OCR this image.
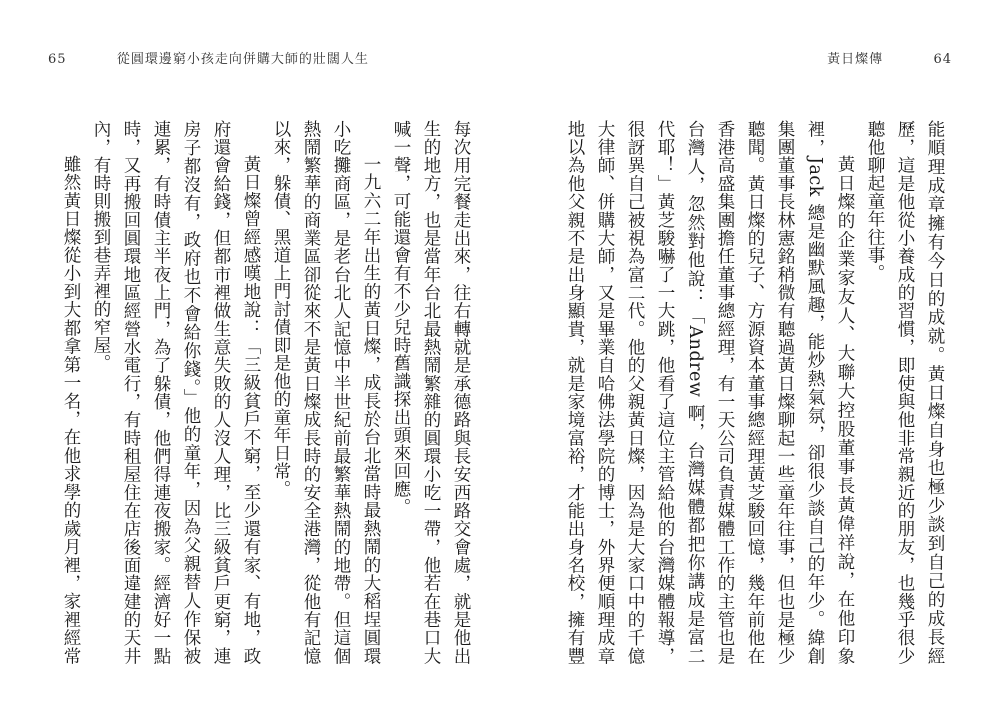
65	從圓環邊窮小孩走向併購大師的壯闊人生

每次用完餐走出來，往右轉就是承德路與長安西路交會處，就是他出生的地方，也是當年台北最熱鬧繁雜的圓環小吃一帶，他若在巷口大喊一聲，可能還會有不少兒時舊識探出頭來回應。

一九六二年出生的黃日燦，成長於台北當時最熱鬧的大稻埕圓環小吃攤商區，是老台北人記憶中半世紀前最繁華熱鬧的地帶。但這個熱鬧繁華的商業區卻從來不是黃日燦成長時的安全港灣，從他有記憶以來，躲債、黑道上門討債即是他的童年日常。

黃日燦曾經感嘆地說：「三級貧戶不窮，至少還有家、有地，政府還會給錢，但都市裡做生意失敗的人沒人理，比三級貧戶更窮，連房子都沒有，政府也不會給你錢。」他的童年，因為父親替人作保被連累，有時債主半夜上門，為了躲債，他們得連夜搬家。經濟好一點時，又再搬回圓環地區經營水電行，有時租屋住在店後面違建的天井內，有時則搬到巷弄裡的窄屋。

雖然黃日燦從小到大都拿第一名，在他求學的歲月裡，家裡經常

黃日燦傳	64

能順理成章擁有今日的成就。黃日燦自身也極少談到自己的成長經歷，這是他從小養成的習慣，即使與他非常親近的朋友，也幾乎很少聽他聊起童年往事。

黃日燦的企業家友人、大聯大控股董事長黃偉祥說，在他印象裡，Jack 總是幽默風趣，能炒熱氣氛，卻很少談自己的年少。緯創集團董事長林憲銘稍微有聽過黃日燦聊起一些童年往事，但也是極少聽聞。黃日燦的兒子、方源資本董事總經理黃芝駿回憶，幾年前他在香港高盛集團擔任董事總經理，有一天公司負責媒體工作的主管也是台灣人，忽然對他說：「Andrew 啊，台灣媒體都把你講成是富二代耶！」黃芝駿嚇了一大跳，他看了這位主管給他的台灣媒體報導，很訝異自己被視為富二代。他的父親黃日燦，因為是大家口中的千億大律師、併購大師，又是畢業自哈佛法學院的博士，外界便順理成章地以為他父親不是出身顯貴，就是家境富裕，才能出身名校，擁有豐
